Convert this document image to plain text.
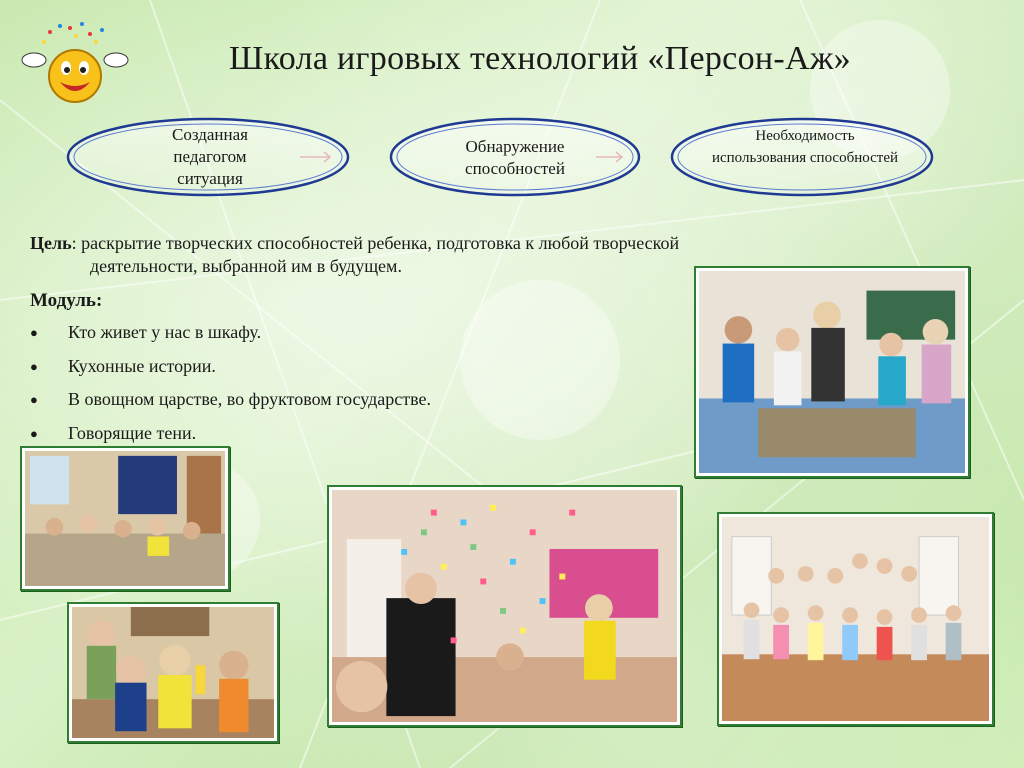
Школа игровых технологий «Персон-Аж»
Созданная педагогом ситуация
Обнаружение способностей
Необходимость использования способностей
Цель: раскрытие творческих способностей ребенка, подготовка к любой творческой
деятельности, выбранной им в будущем.
Модуль:
●	Кто живет у нас в шкафу.
●	Кухонные истории.
●	В овощном царстве, во фруктовом государстве.
●	Говорящие тени.
